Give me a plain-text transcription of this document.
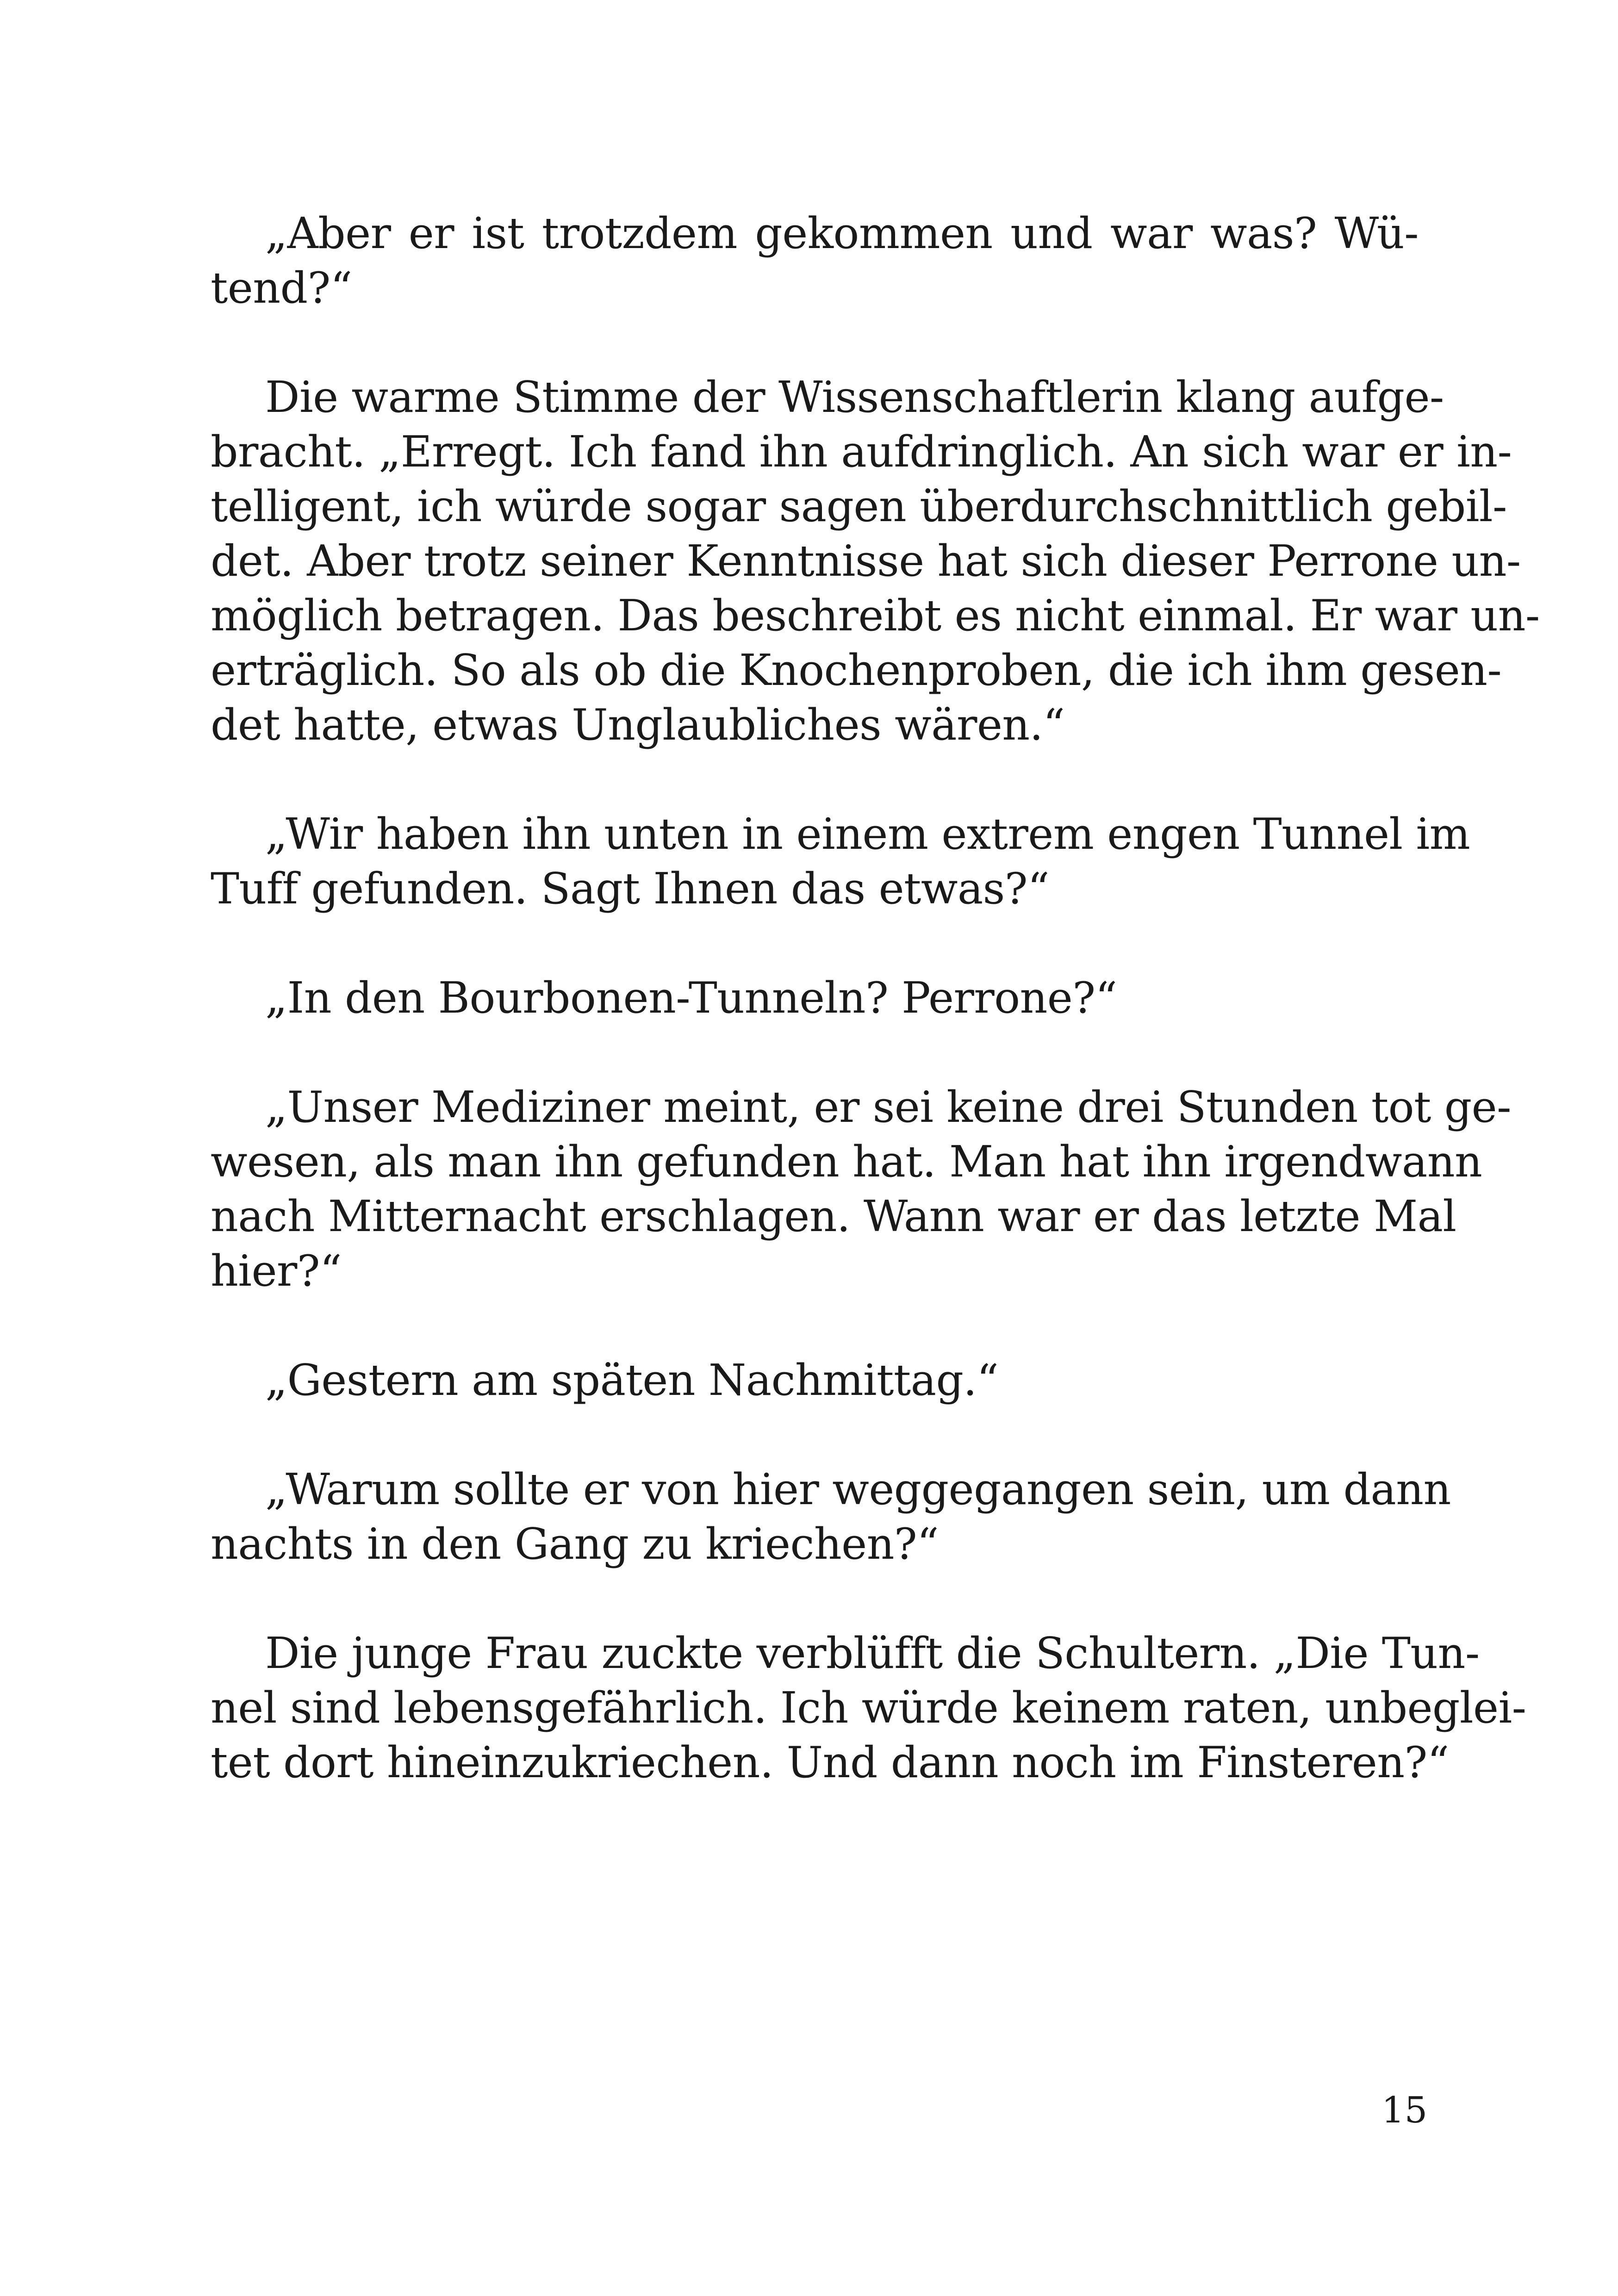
„Aber er ist trotzdem gekommen und war was? Wü-
tend?“
Die warme Stimme der Wissenschaftlerin klang aufge-
bracht. „Erregt. Ich fand ihn aufdringlich. An sich war er in-
telligent, ich würde sogar sagen überdurchschnittlich gebil-
det. Aber trotz seiner Kenntnisse hat sich dieser Perrone un-
möglich betragen. Das beschreibt es nicht einmal. Er war un-
erträglich. So als ob die Knochenproben, die ich ihm gesen-
det hatte, etwas Unglaubliches wären.“
„Wir haben ihn unten in einem extrem engen Tunnel im
Tuff gefunden. Sagt Ihnen das etwas?“
„In den Bourbonen-Tunneln? Perrone?“
„Unser Mediziner meint, er sei keine drei Stunden tot ge-
wesen, als man ihn gefunden hat. Man hat ihn irgendwann
nach Mitternacht erschlagen. Wann war er das letzte Mal
hier?“
„Gestern am späten Nachmittag.“
„Warum sollte er von hier weggegangen sein, um dann
nachts in den Gang zu kriechen?“
Die junge Frau zuckte verblüfft die Schultern. „Die Tun-
nel sind lebensgefährlich. Ich würde keinem raten, unbeglei-
tet dort hineinzukriechen. Und dann noch im Finsteren?“
15
